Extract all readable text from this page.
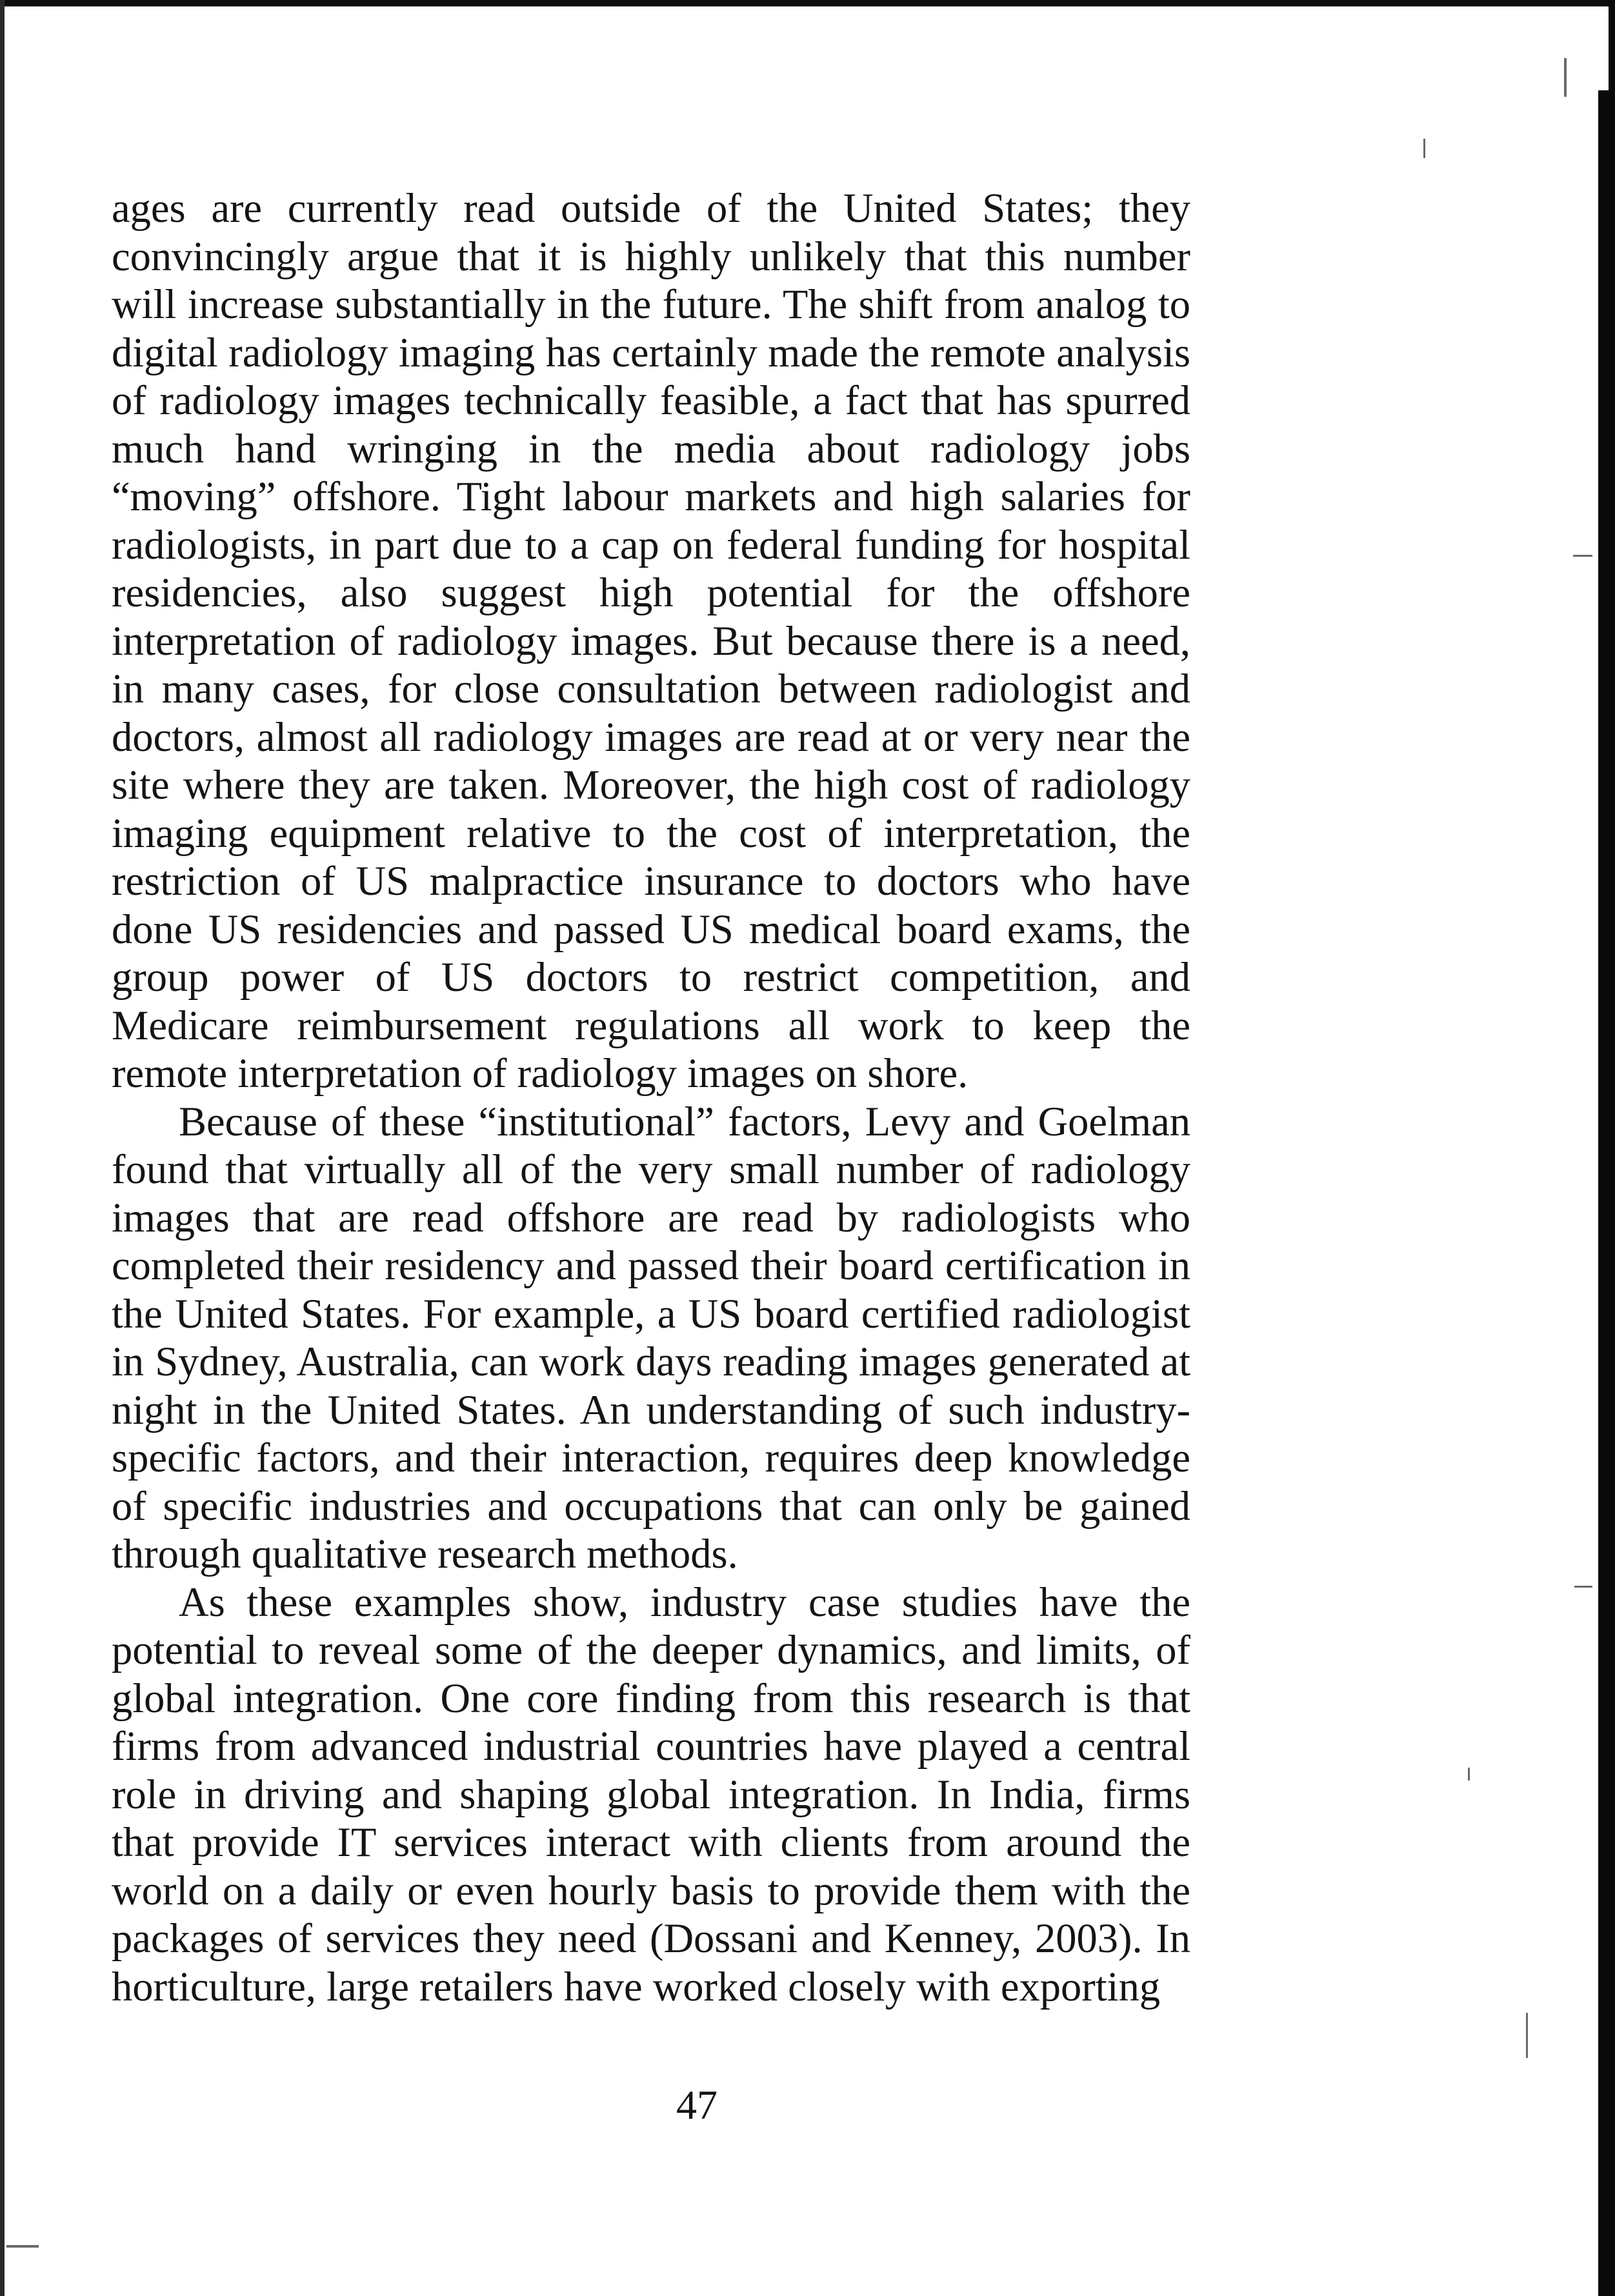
ages are currently read outside of the United States; they convincingly argue that it is highly unlikely that this number will increase substantially in the future. The shift from analog to digital radiology imaging has certainly made the remote analysis of radiology images technically feasible, a fact that has spurred much hand wringing in the media about radiology jobs “moving” offshore. Tight labour markets and high salaries for radiologists, in part due to a cap on federal funding for hospital residencies, also suggest high potential for the offshore interpretation of radiology images. But because there is a need, in many cases, for close consultation between radiologist and doctors, almost all radiology images are read at or very near the site where they are taken. Moreover, the high cost of radiology imaging equipment relative to the cost of interpretation, the restriction of US malpractice insurance to doctors who have done US residencies and passed US medical board exams, the group power of US doctors to restrict competition, and Medicare reimbursement regulations all work to keep the remote interpretation of radiology images on shore.

Because of these “institutional” factors, Levy and Goelman found that virtually all of the very small number of radiology images that are read offshore are read by radiologists who completed their residency and passed their board certification in the United States. For example, a US board certified radiologist in Sydney, Australia, can work days reading images generated at night in the United States. An understanding of such industry-specific factors, and their interaction, requires deep knowledge of specific industries and occupations that can only be gained through qualitative research methods.

As these examples show, industry case studies have the potential to reveal some of the deeper dynamics, and limits, of global integration. One core finding from this research is that firms from advanced industrial countries have played a central role in driving and shaping global integration. In India, firms that provide IT services interact with clients from around the world on a daily or even hourly basis to provide them with the packages of services they need (Dossani and Kenney, 2003). In horticulture, large retailers have worked closely with exporting

47
